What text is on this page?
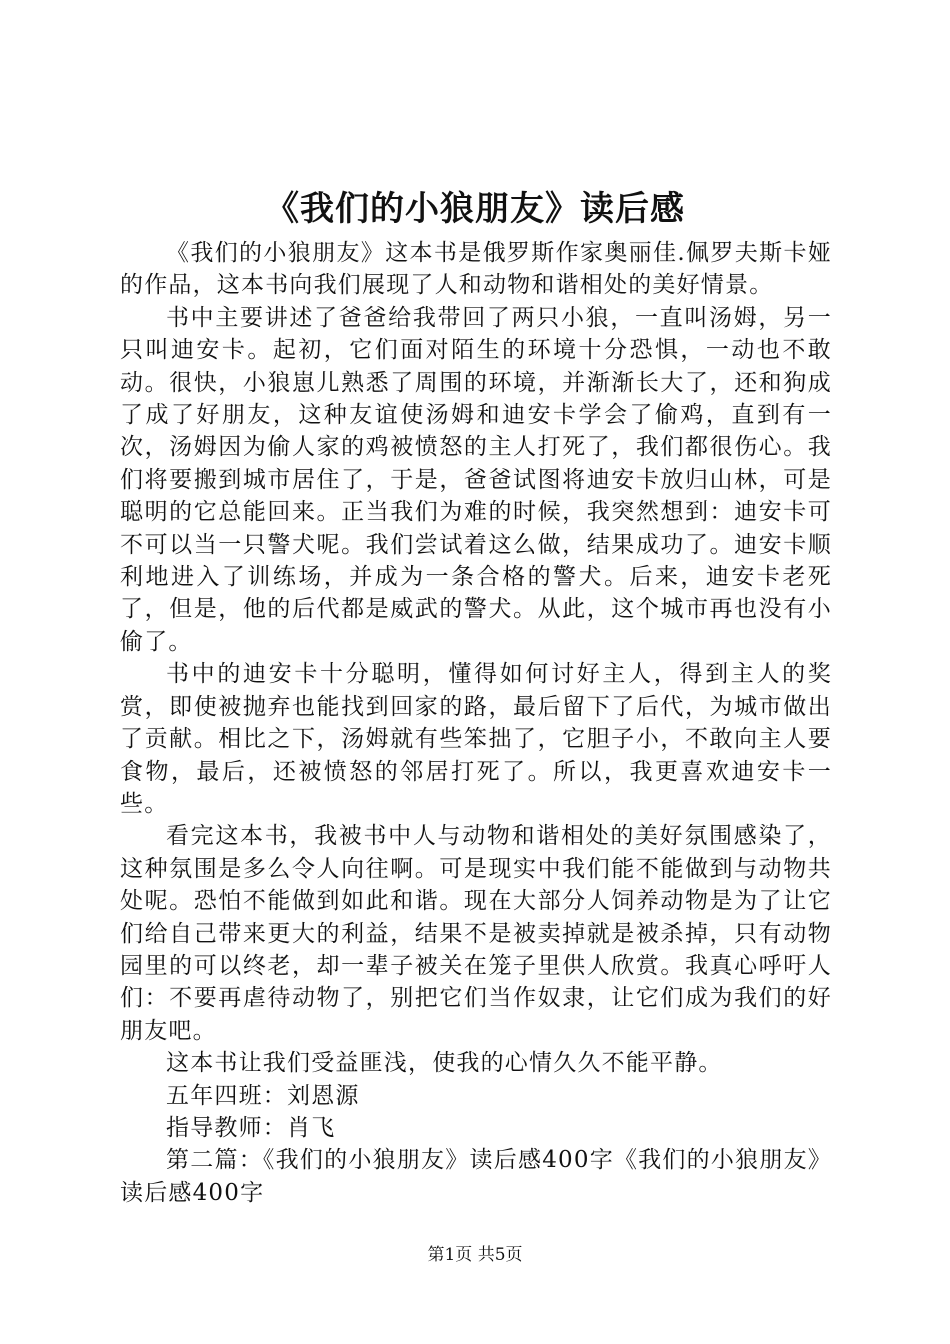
《我们的小狼朋友》读后感

《我们的小狼朋友》这本书是俄罗斯作家奥丽佳.佩罗夫斯卡娅的作品，这本书向我们展现了人和动物和谐相处的美好情景。

书中主要讲述了爸爸给我带回了两只小狼，一直叫汤姆，另一只叫迪安卡。起初，它们面对陌生的环境十分恐惧，一动也不敢动。很快，小狼崽儿熟悉了周围的环境，并渐渐长大了，还和狗成了成了好朋友，这种友谊使汤姆和迪安卡学会了偷鸡，直到有一次，汤姆因为偷人家的鸡被愤怒的主人打死了，我们都很伤心。我们将要搬到城市居住了，于是，爸爸试图将迪安卡放归山林，可是聪明的它总能回来。正当我们为难的时候，我突然想到：迪安卡可不可以当一只警犬呢。我们尝试着这么做，结果成功了。迪安卡顺利地进入了训练场，并成为一条合格的警犬。后来，迪安卡老死了，但是，他的后代都是威武的警犬。从此，这个城市再也没有小偷了。

书中的迪安卡十分聪明，懂得如何讨好主人，得到主人的奖赏，即使被抛弃也能找到回家的路，最后留下了后代，为城市做出了贡献。相比之下，汤姆就有些笨拙了，它胆子小，不敢向主人要食物，最后，还被愤怒的邻居打死了。所以，我更喜欢迪安卡一些。

看完这本书，我被书中人与动物和谐相处的美好氛围感染了，这种氛围是多么令人向往啊。可是现实中我们能不能做到与动物共处呢。恐怕不能做到如此和谐。现在大部分人饲养动物是为了让它们给自己带来更大的利益，结果不是被卖掉就是被杀掉，只有动物园里的可以终老，却一辈子被关在笼子里供人欣赏。我真心呼吁人们：不要再虐待动物了，别把它们当作奴隶，让它们成为我们的好朋友吧。

这本书让我们受益匪浅，使我的心情久久不能平静。

五年四班：刘恩源

指导教师：肖飞

第二篇：《我们的小狼朋友》读后感400字《我们的小狼朋友》读后感400字

第1页 共5页
